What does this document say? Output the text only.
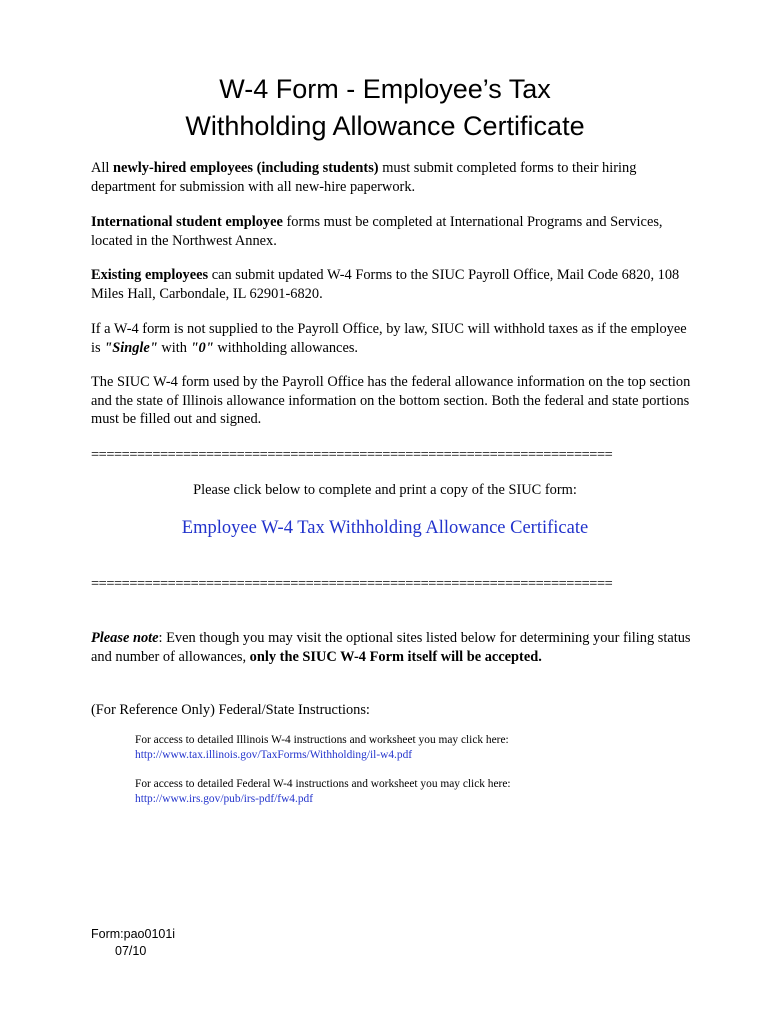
W-4 Form - Employee’s Tax
Withholding Allowance Certificate
All newly-hired employees (including students) must submit completed forms to their hiring department for submission with all new-hire paperwork.
International student employee forms must be completed at International Programs and Services, located in the Northwest Annex.
Existing employees can submit updated W-4 Forms to the SIUC Payroll Office, Mail Code 6820, 108 Miles Hall, Carbondale, IL 62901-6820.
If a W-4 form is not supplied to the Payroll Office, by law, SIUC will withhold taxes as if the employee is "Single" with "0" withholding allowances.
The SIUC W-4 form used by the Payroll Office has the federal allowance information on the top section and the state of Illinois allowance information on the bottom section. Both the federal and state portions must be filled out and signed.
====================================================================
Please click below to complete and print a copy of the SIUC form:
Employee W-4 Tax Withholding Allowance Certificate
====================================================================
Please note: Even though you may visit the optional sites listed below for determining your filing status and number of allowances, only the SIUC W-4 Form itself will be accepted.
(For Reference Only) Federal/State Instructions:
For access to detailed Illinois W-4 instructions and worksheet you may click here:
http://www.tax.illinois.gov/TaxForms/Withholding/il-w4.pdf
For access to detailed Federal W-4 instructions and worksheet you may click here:
http://www.irs.gov/pub/irs-pdf/fw4.pdf
Form:pao0101i
07/10
